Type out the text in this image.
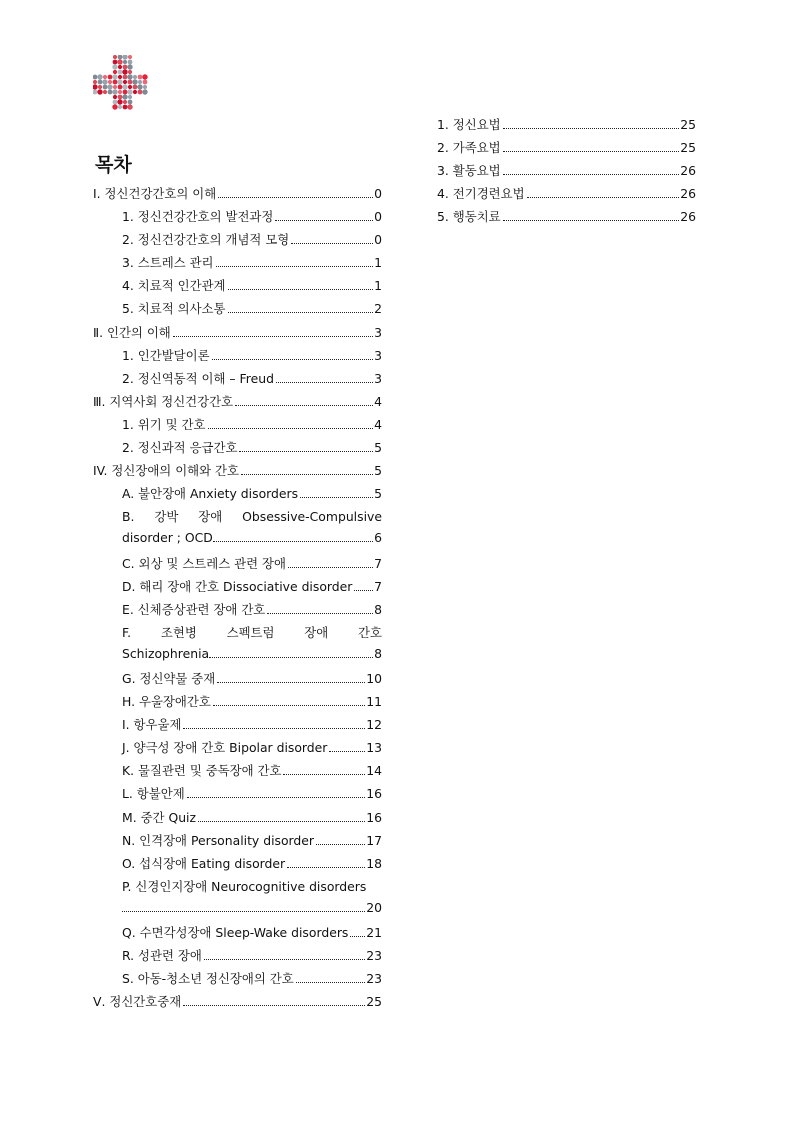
목차
Ⅰ. 정신건강간호의 이해	0
1. 정신건강간호의 발전과정	0
2. 정신건강간호의 개념적 모형	0
3. 스트레스 관리	1
4. 치료적 인간관계	1
5. 치료적 의사소통	2
Ⅱ. 인간의 이해	3
1. 인간발달이론	3
2. 정신역동적 이해 – Freud	3
Ⅲ. 지역사회 정신건강간호	4
1. 위기 및 간호	4
2. 정신과적 응급간호	5
IV. 정신장애의 이해와 간호	5
A. 불안장애 Anxiety disorders	5
B. 강박 장애 Obsessive-Compulsive
disorder ; OCD	6
C. 외상 및 스트레스 관련 장애	7
D. 해리 장애 간호 Dissociative disorder 7
E. 신체증상관련 장애 간호	8
F. 조현병 스펙트럼 장애 간호
Schizophrenia	8
G. 정신약물 중재	10
H. 우울장애간호	11
I. 항우울제	12
J. 양극성 장애 간호 Bipolar disorder	13
K. 물질관련 및 중독장애 간호	14
L. 항불안제	16
M. 중간 Quiz	16
N. 인격장애 Personality disorder	17
O. 섭식장애 Eating disorder	18
P. 신경인지장애 Neurocognitive disorders
20
Q. 수면각성장애 Sleep-Wake disorders 21
R. 성관련 장애	23
S. 아동-청소년 정신장애의 간호	23
Ⅴ. 정신간호중재	25
1. 정신요법	25
2. 가족요법	25
3. 활동요법	26
4. 전기경련요법	26
5. 행동치료	26
